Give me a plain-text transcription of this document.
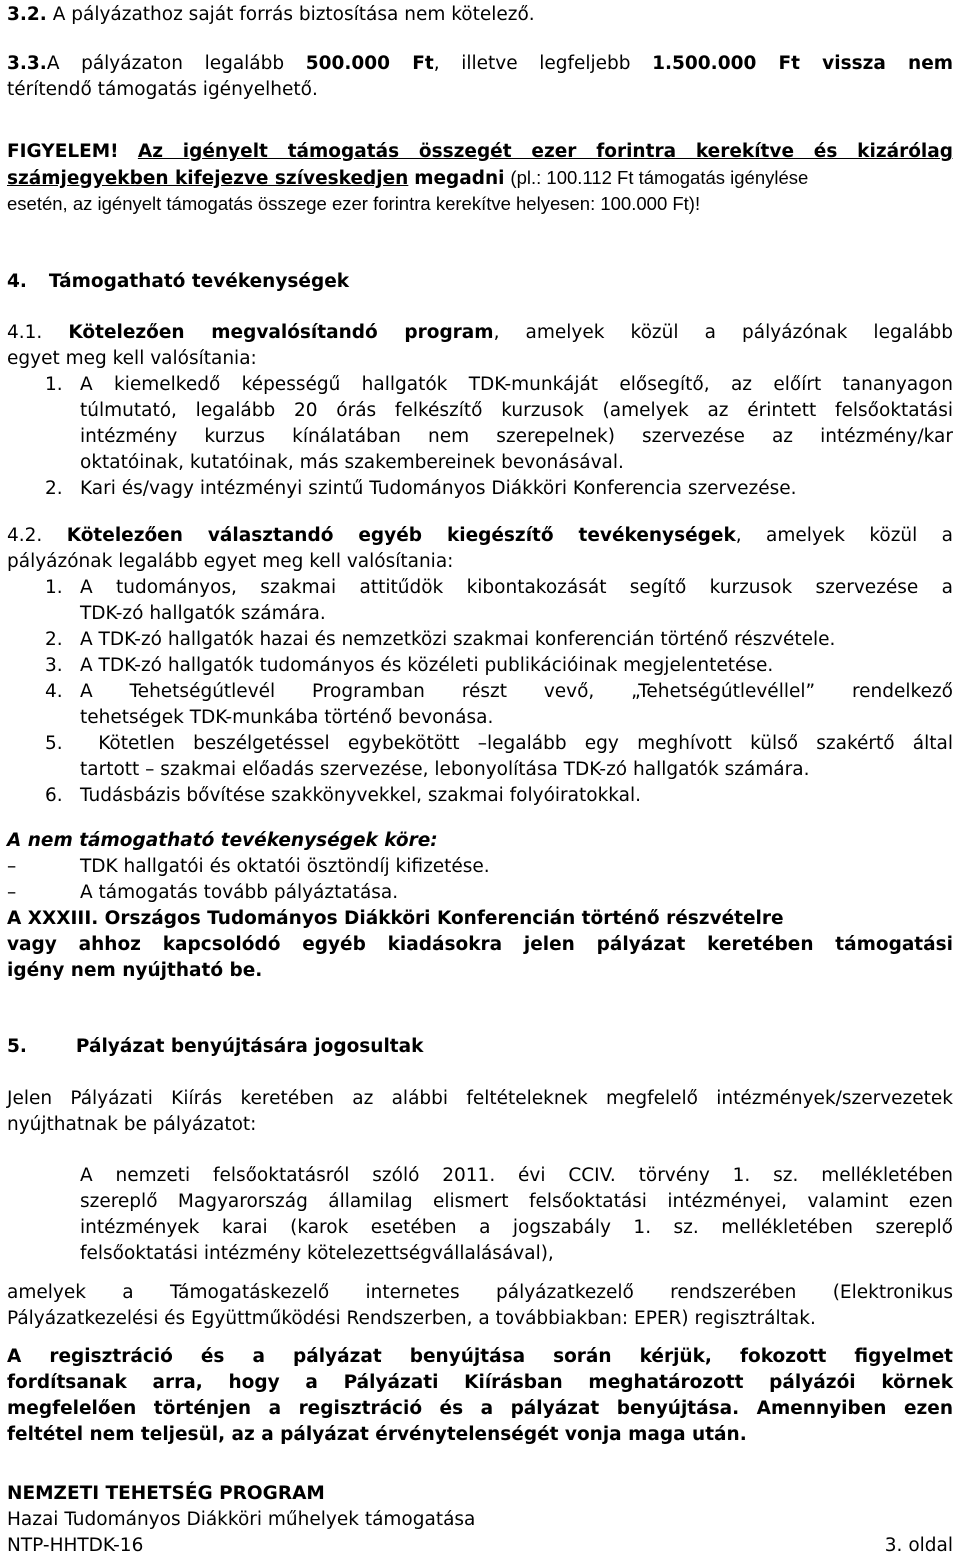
3.2. A pályázathoz saját forrás biztosítása nem kötelező.
3.3.A pályázaton legalább 500.000 Ft, illetve legfeljebb 1.500.000 Ft vissza nem
térítendő támogatás igényelhető.
FIGYELEM! Az igényelt támogatás összegét ezer forintra kerekítve és kizárólag
számjegyekben kifejezve szíveskedjen megadni (pl.: 100.112 Ft támogatás igénylése
esetén, az igényelt támogatás összege ezer forintra kerekítve helyesen: 100.000 Ft)!
4. Támogatható tevékenységek
4.1. Kötelezően megvalósítandó program, amelyek közül a pályázónak legalább
egyet meg kell valósítania:
1. A kiemelkedő képességű hallgatók TDK-munkáját elősegítő, az előírt tananyagon
túlmutató, legalább 20 órás felkészítő kurzusok (amelyek az érintett felsőoktatási
intézmény kurzus kínálatában nem szerepelnek) szervezése az intézmény/kar
oktatóinak, kutatóinak, más szakembereinek bevonásával.
2. Kari és/vagy intézményi szintű Tudományos Diákköri Konferencia szervezése.
4.2. Kötelezően választandó egyéb kiegészítő tevékenységek, amelyek közül a
pályázónak legalább egyet meg kell valósítania:
1. A tudományos, szakmai attitűdök kibontakozását segítő kurzusok szervezése a
TDK-zó hallgatók számára.
2. A TDK-zó hallgatók hazai és nemzetközi szakmai konferencián történő részvétele.
3. A TDK-zó hallgatók tudományos és közéleti publikációinak megjelentetése.
4. A Tehetségútlevél Programban részt vevő, „Tehetségútlevéllel” rendelkező
tehetségek TDK-munkába történő bevonása.
5. Kötetlen beszélgetéssel egybekötött –legalább egy meghívott külső szakértő által
tartott – szakmai előadás szervezése, lebonyolítása TDK-zó hallgatók számára.
6. Tudásbázis bővítése szakkönyvekkel, szakmai folyóiratokkal.
A nem támogatható tevékenységek köre:
–	TDK hallgatói és oktatói ösztöndíj kifizetése.
–	A támogatás tovább pályáztatása.
A XXXIII. Országos Tudományos Diákköri Konferencián történő részvételre
vagy ahhoz kapcsolódó egyéb kiadásokra jelen pályázat keretében támogatási
igény nem nyújtható be.
5.	Pályázat benyújtására jogosultak
Jelen Pályázati Kiírás keretében az alábbi feltételeknek megfelelő intézmények/szervezetek
nyújthatnak be pályázatot:
A nemzeti felsőoktatásról szóló 2011. évi CCIV. törvény 1. sz. mellékletében
szereplő Magyarország államilag elismert felsőoktatási intézményei, valamint ezen
intézmények karai (karok esetében a jogszabály 1. sz. mellékletében szereplő
felsőoktatási intézmény kötelezettségvállalásával),
amelyek a Támogatáskezelő internetes pályázatkezelő rendszerében (Elektronikus
Pályázatkezelési és Együttműködési Rendszerben, a továbbiakban: EPER) regisztráltak.
A regisztráció és a pályázat benyújtása során kérjük, fokozott figyelmet
fordítsanak arra, hogy a Pályázati Kiírásban meghatározott pályázói körnek
megfelelően történjen a regisztráció és a pályázat benyújtása. Amennyiben ezen
feltétel nem teljesül, az a pályázat érvénytelenségét vonja maga után.
NEMZETI TEHETSÉG PROGRAM
Hazai Tudományos Diákköri műhelyek támogatása
NTP-HHTDK-16	3. oldal
